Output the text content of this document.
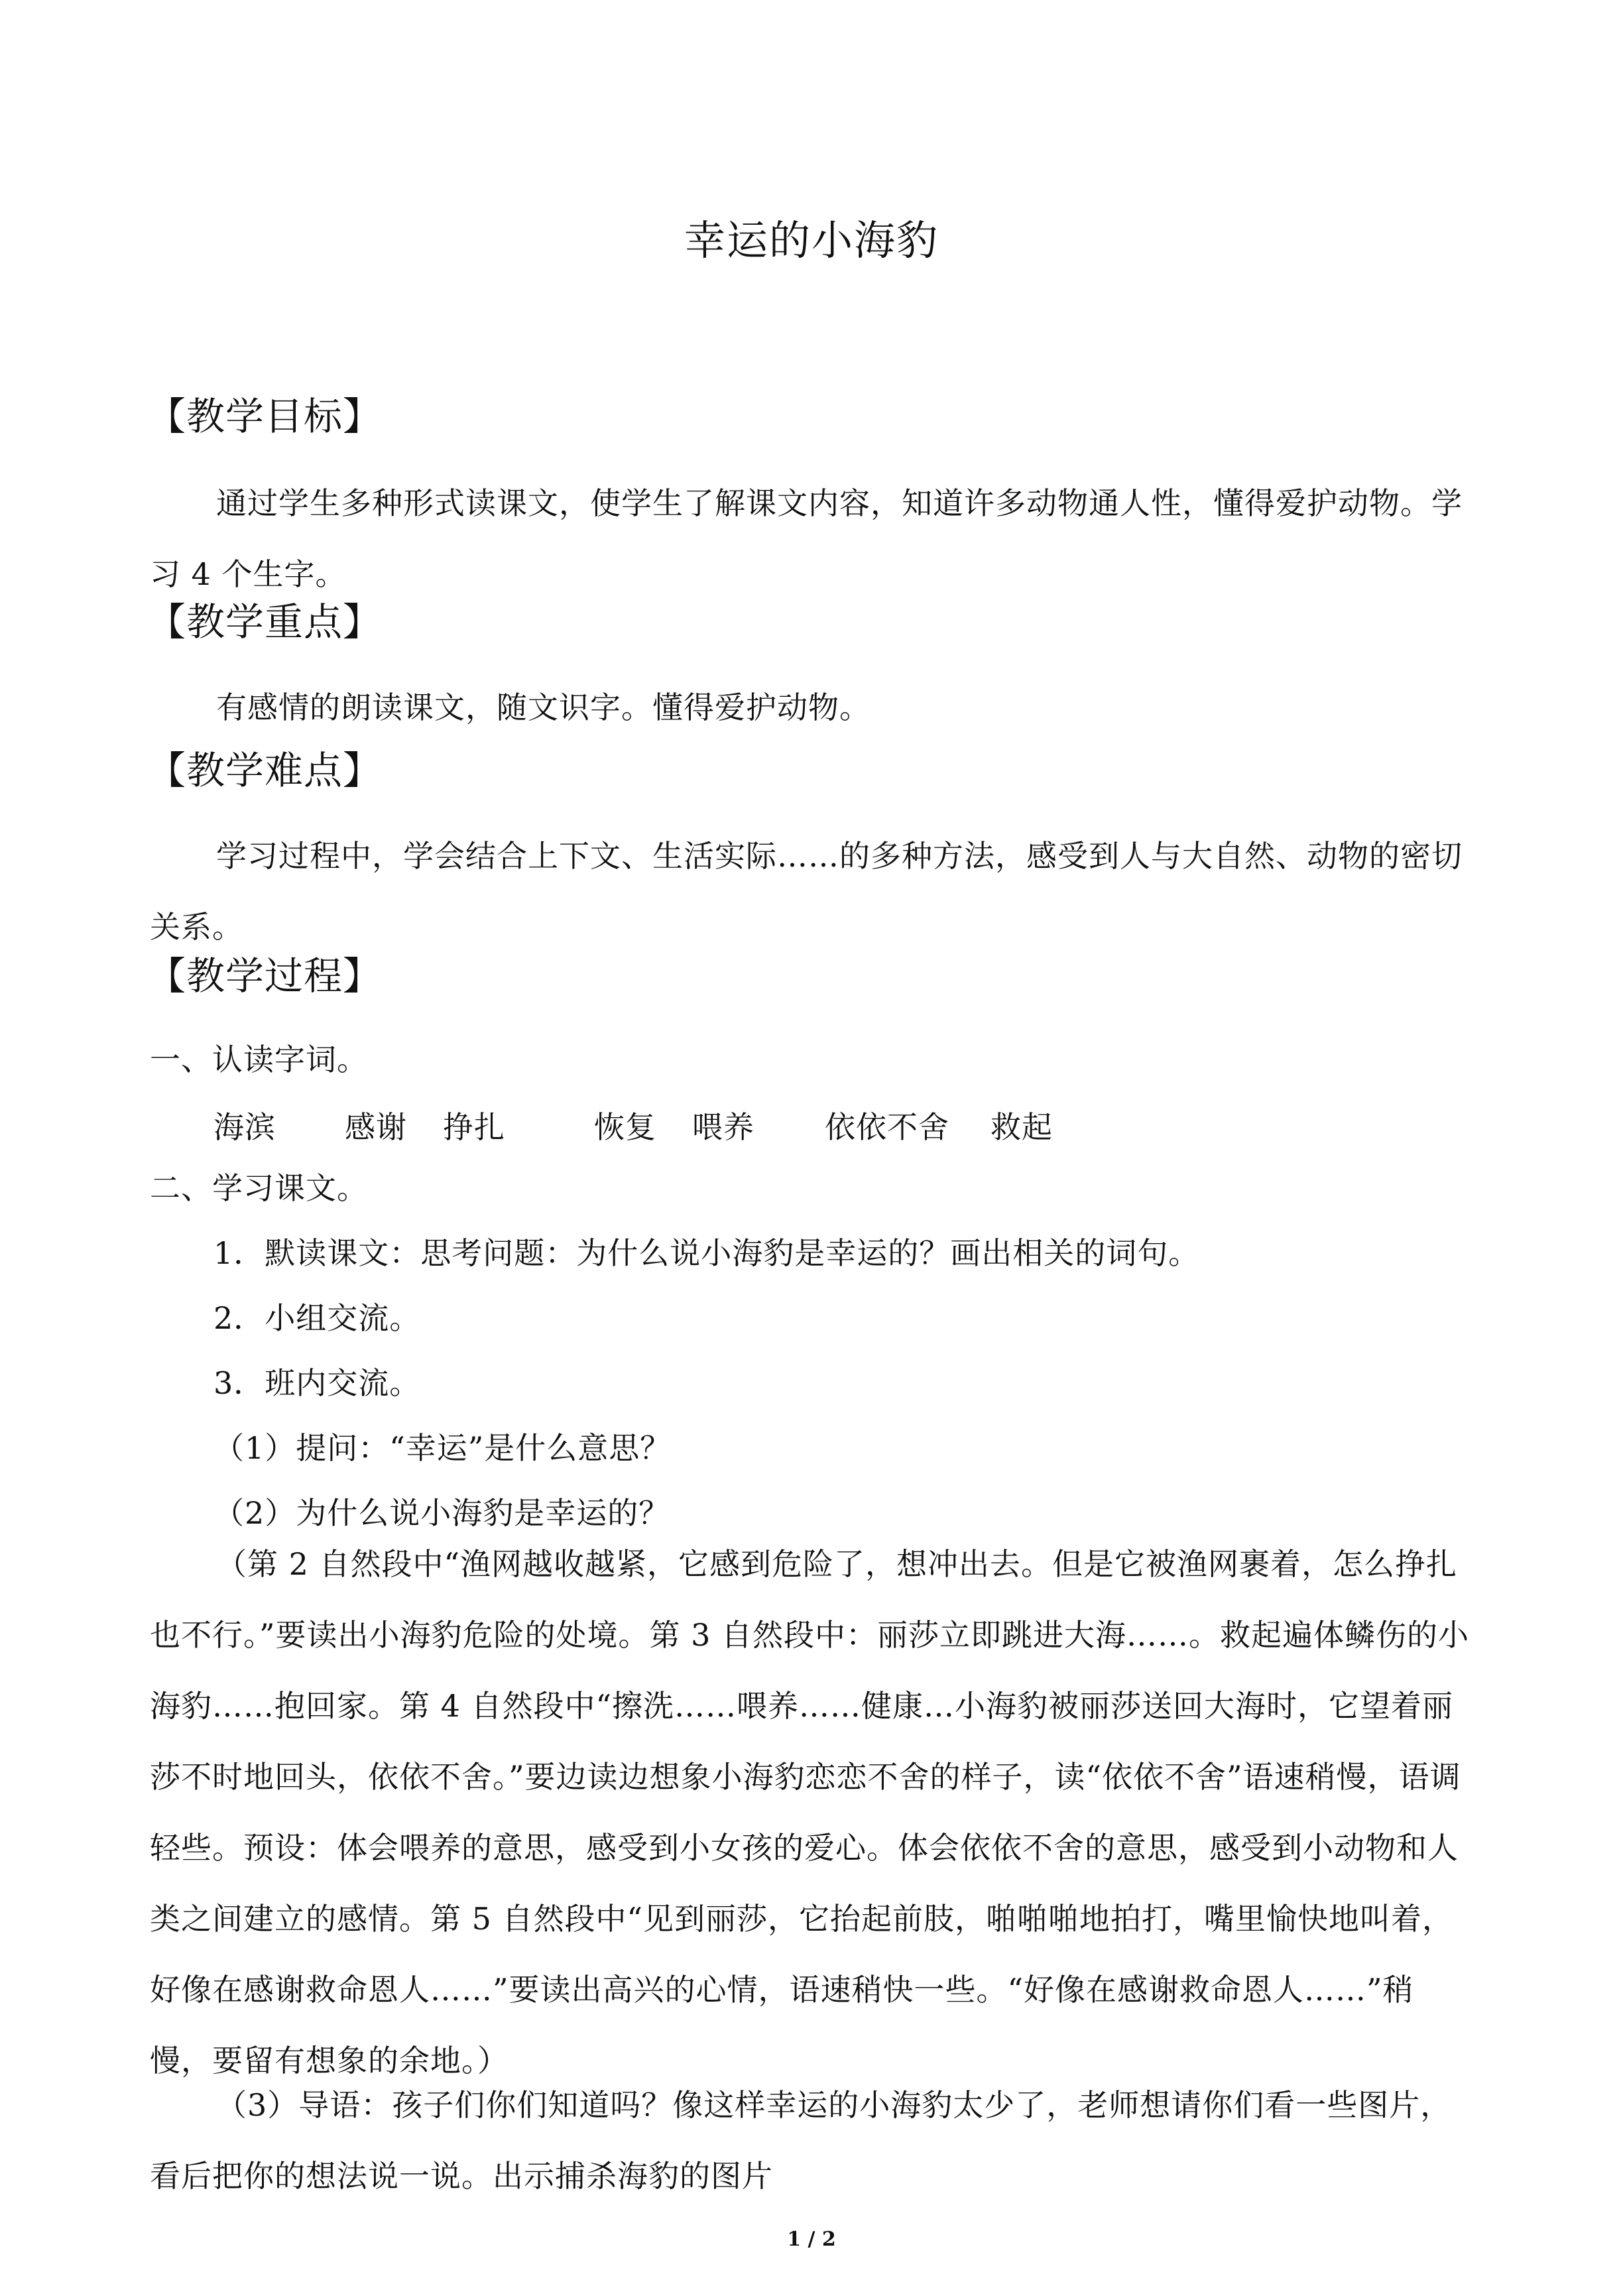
幸运的小海豹
【教学目标】
通过学生多种形式读课文，使学生了解课文内容，知道许多动物通人性，懂得爱护动物。学习 4 个生字。
【教学重点】
有感情的朗读课文，随文识字。懂得爱护动物。
【教学难点】
学习过程中，学会结合上下文、生活实际……的多种方法，感受到人与大自然、动物的密切关系。
【教学过程】
一、认读字词。
海滨 感谢 挣扎	恢复 喂养 依依不舍 救起
二、学习课文。
1．默读课文：思考问题：为什么说小海豹是幸运的？画出相关的词句。
2．小组交流。
3．班内交流。
（1）提问：“幸运”是什么意思？
（2）为什么说小海豹是幸运的？
（第 2 自然段中“渔网越收越紧，它感到危险了，想冲出去。但是它被渔网裹着，怎么挣扎也不行。”要读出小海豹危险的处境。第 3 自然段中：丽莎立即跳进大海……。救起遍体鳞伤的小海豹……抱回家。第 4 自然段中“擦洗……喂养……健康…小海豹被丽莎送回大海时，它望着丽莎不时地回头，依依不舍。”要边读边想象小海豹恋恋不舍的样子，读“依依不舍”语速稍慢，语调轻些。预设：体会喂养的意思，感受到小女孩的爱心。体会依依不舍的意思，感受到小动物和人类之间建立的感情。第 5 自然段中“见到丽莎，它抬起前肢，啪啪啪地拍打，嘴里愉快地叫着，好像在感谢救命恩人……”要读出高兴的心情，语速稍快一些。“好像在感谢救命恩人……”稍慢，要留有想象的余地。）
（3）导语：孩子们你们知道吗？像这样幸运的小海豹太少了，老师想请你们看一些图片，看后把你的想法说一说。出示捕杀海豹的图片
1 / 2
